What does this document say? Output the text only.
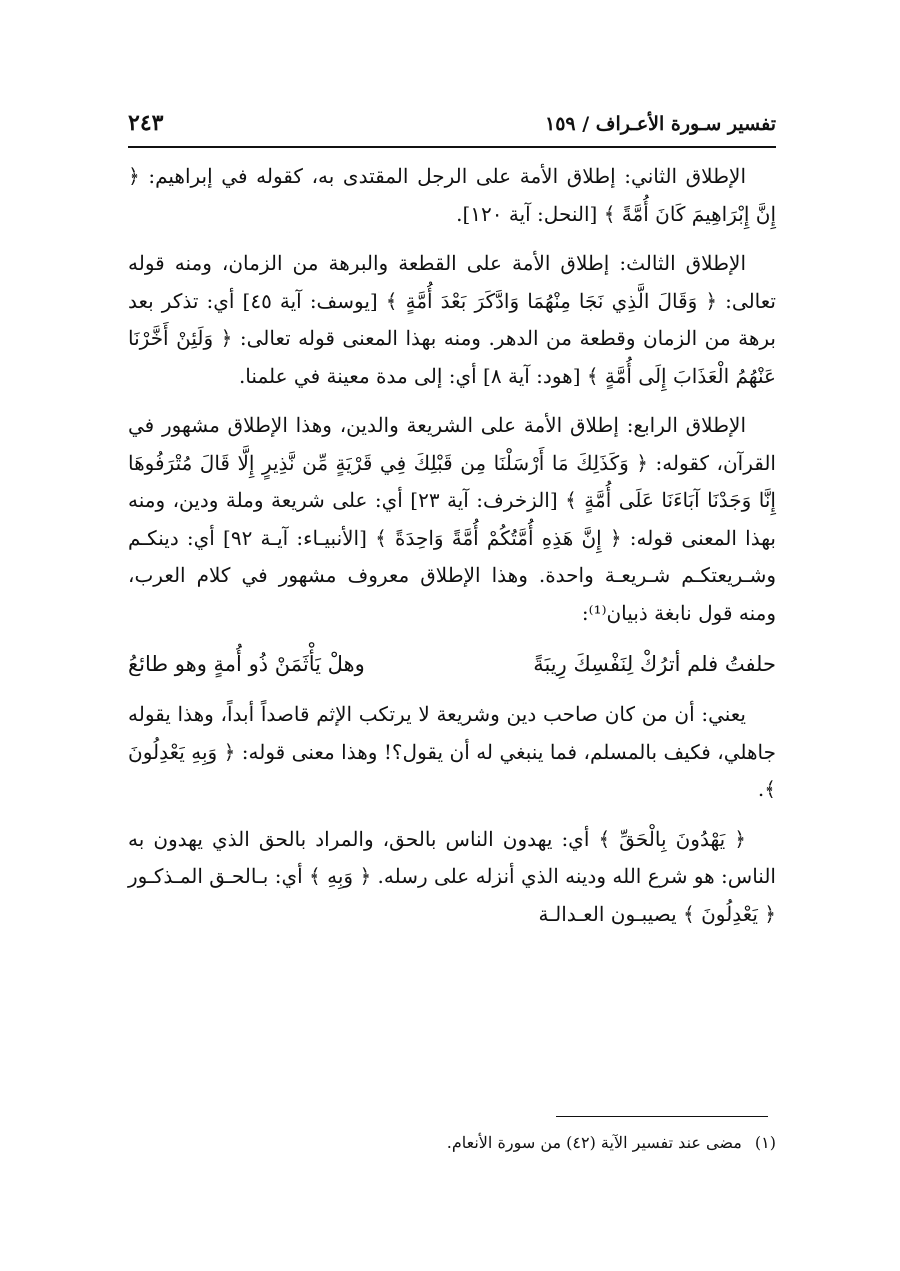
تفسير سـورة الأعـراف / ١٥٩
٢٤٣

الإطلاق الثاني: إطلاق الأمة على الرجل المقتدى به، كقوله في إبراهيم: ﴿ إِنَّ إِبْرَاهِيمَ كَانَ أُمَّةً ﴾ [النحل: آية ١٢٠].

الإطلاق الثالث: إطلاق الأمة على القطعة والبرهة من الزمان، ومنه قوله تعالى: ﴿ وَقَالَ الَّذِي نَجَا مِنْهُمَا وَادَّكَرَ بَعْدَ أُمَّةٍ ﴾ [يوسف: آية ٤٥] أي: تذكر بعد برهة من الزمان وقطعة من الدهر. ومنه بهذا المعنى قوله تعالى: ﴿ وَلَئِنْ أَخَّرْنَا عَنْهُمُ الْعَذَابَ إِلَى أُمَّةٍ ﴾ [هود: آية ٨] أي: إلى مدة معينة في علمنا.

الإطلاق الرابع: إطلاق الأمة على الشريعة والدين، وهذا الإطلاق مشهور في القرآن، كقوله: ﴿ وَكَذَلِكَ مَا أَرْسَلْنَا مِن قَبْلِكَ فِي قَرْيَةٍ مِّن نَّذِيرٍ إِلَّا قَالَ مُتْرَفُوهَا إِنَّا وَجَدْنَا آبَاءَنَا عَلَى أُمَّةٍ ﴾ [الزخرف: آية ٢٣] أي: على شريعة وملة ودين، ومنه بهذا المعنى قوله: ﴿ إِنَّ هَذِهِ أُمَّتُكُمْ أُمَّةً وَاحِدَةً ﴾ [الأنبيـاء: آيـة ٩٢] أي: دينكـم وشـريعتكـم شـريعـة واحدة. وهذا الإطلاق معروف مشهور في كلام العرب، ومنه قول نابغة ذبيان⁽¹⁾:

حلفتُ فلم أترُكْ لِنَفْسِكَ رِيبَةً
وهلْ يَأْثَمَنْ ذُو أُمةٍ وهو طائعُ

يعني: أن من كان صاحب دين وشريعة لا يرتكب الإثم قاصداً أبداً، وهذا يقوله جاهلي، فكيف بالمسلم، فما ينبغي له أن يقول؟! وهذا معنى قوله: ﴿ وَبِهِ يَعْدِلُونَ ﴾.

﴿ يَهْدُونَ بِالْحَقِّ ﴾ أي: يهدون الناس بالحق، والمراد بالحق الذي يهدون به الناس: هو شرع الله ودينه الذي أنزله على رسله. ﴿ وَبِهِ ﴾ أي: بـالحـق المـذكـور ﴿ يَعْدِلُونَ ﴾ يصيبـون العـدالـة

(١) مضى عند تفسير الآية (٤٢) من سورة الأنعام.
